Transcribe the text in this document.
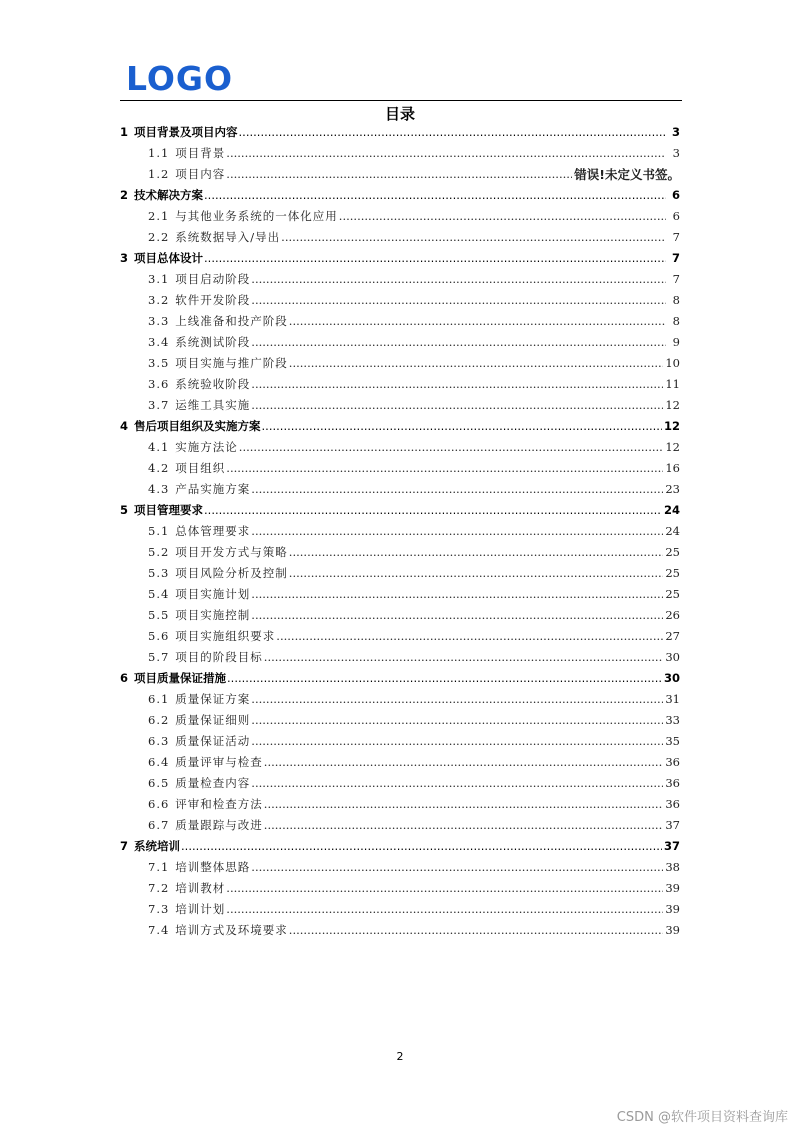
LOGO
目录
1 项目背景及项目内容 .....	3
1.1 项目背景 .....	3
1.2 项目内容 .....	错误!未定义书签。
2 技术解决方案 .....	6
2.1 与其他业务系统的一体化应用 .....	6
2.2 系统数据导入/导出 .....	7
3 项目总体设计 .....	7
3.1 项目启动阶段 .....	7
3.2 软件开发阶段 .....	8
3.3 上线准备和投产阶段 .....	8
3.4 系统测试阶段 .....	9
3.5 项目实施与推广阶段 .....	10
3.6 系统验收阶段 .....	11
3.7 运维工具实施 .....	12
4 售后项目组织及实施方案 .....	12
4.1 实施方法论 .....	12
4.2 项目组织 .....	16
4.3 产品实施方案 .....	23
5 项目管理要求 .....	24
5.1 总体管理要求 .....	24
5.2 项目开发方式与策略 .....	25
5.3 项目风险分析及控制 .....	25
5.4 项目实施计划 .....	25
5.5 项目实施控制 .....	26
5.6 项目实施组织要求 .....	27
5.7 项目的阶段目标 .....	30
6 项目质量保证措施 .....	30
6.1 质量保证方案 .....	31
6.2 质量保证细则 .....	33
6.3 质量保证活动 .....	35
6.4 质量评审与检查 .....	36
6.5 质量检查内容 .....	36
6.6 评审和检查方法 .....	36
6.7 质量跟踪与改进 .....	37
7 系统培训 .....	37
7.1 培训整体思路 .....	38
7.2 培训教材 .....	39
7.3 培训计划 .....	39
7.4 培训方式及环境要求 .....	39
2
CSDN @软件项目资料查询库
